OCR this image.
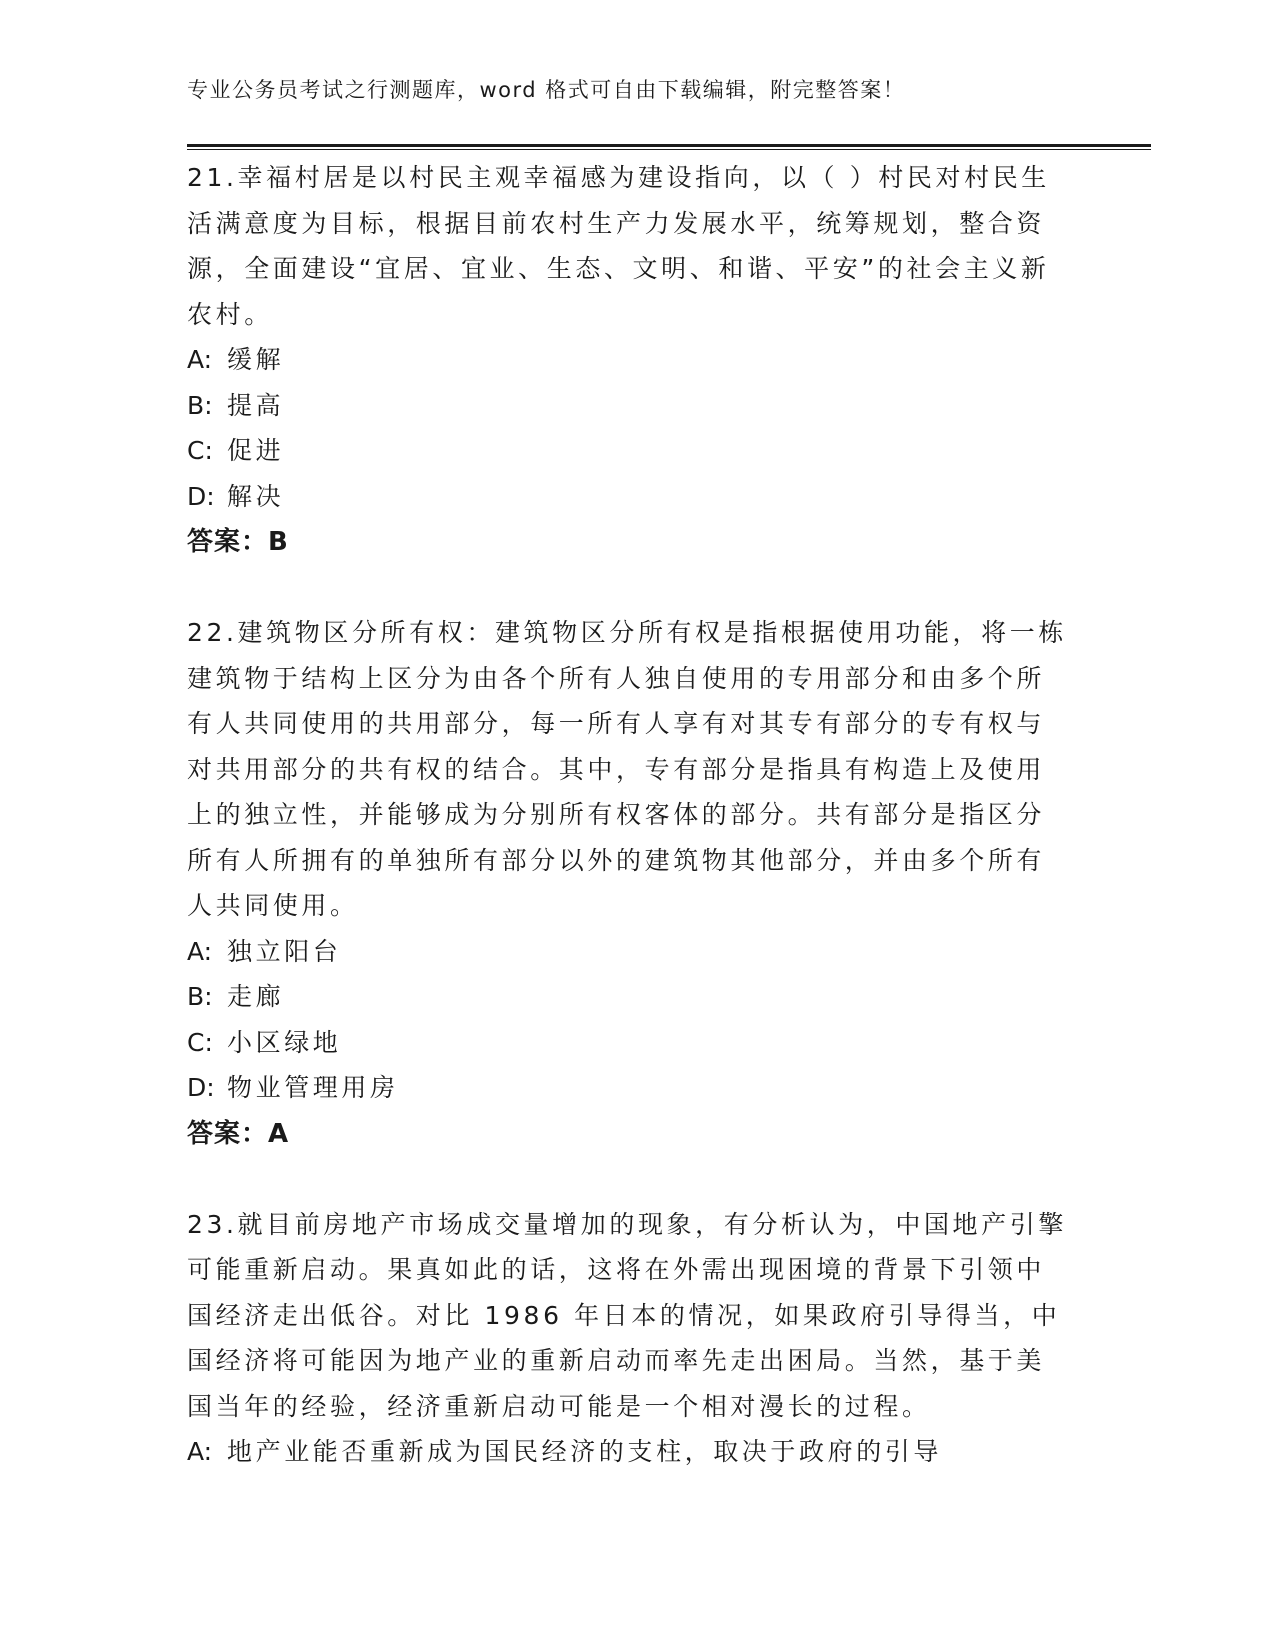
专业公务员考试之行测题库，word 格式可自由下载编辑，附完整答案！

21.幸福村居是以村民主观幸福感为建设指向，以（ ）村民对村民生活满意度为目标，根据目前农村生产力发展水平，统筹规划，整合资源，全面建设“宜居、宜业、生态、文明、和谐、平安”的社会主义新农村。

A: 缓解

B: 提高

C: 促进

D: 解决

答案：B

22.建筑物区分所有权：建筑物区分所有权是指根据使用功能，将一栋建筑物于结构上区分为由各个所有人独自使用的专用部分和由多个所有人共同使用的共用部分，每一所有人享有对其专有部分的专有权与对共用部分的共有权的结合。其中，专有部分是指具有构造上及使用上的独立性，并能够成为分别所有权客体的部分。共有部分是指区分所有人所拥有的单独所有部分以外的建筑物其他部分，并由多个所有人共同使用。

A: 独立阳台

B: 走廊

C: 小区绿地

D: 物业管理用房

答案：A

23.就目前房地产市场成交量增加的现象，有分析认为，中国地产引擎可能重新启动。果真如此的话，这将在外需出现困境的背景下引领中国经济走出低谷。对比 1986 年日本的情况，如果政府引导得当，中国经济将可能因为地产业的重新启动而率先走出困局。当然，基于美国当年的经验，经济重新启动可能是一个相对漫长的过程。

A: 地产业能否重新成为国民经济的支柱，取决于政府的引导
